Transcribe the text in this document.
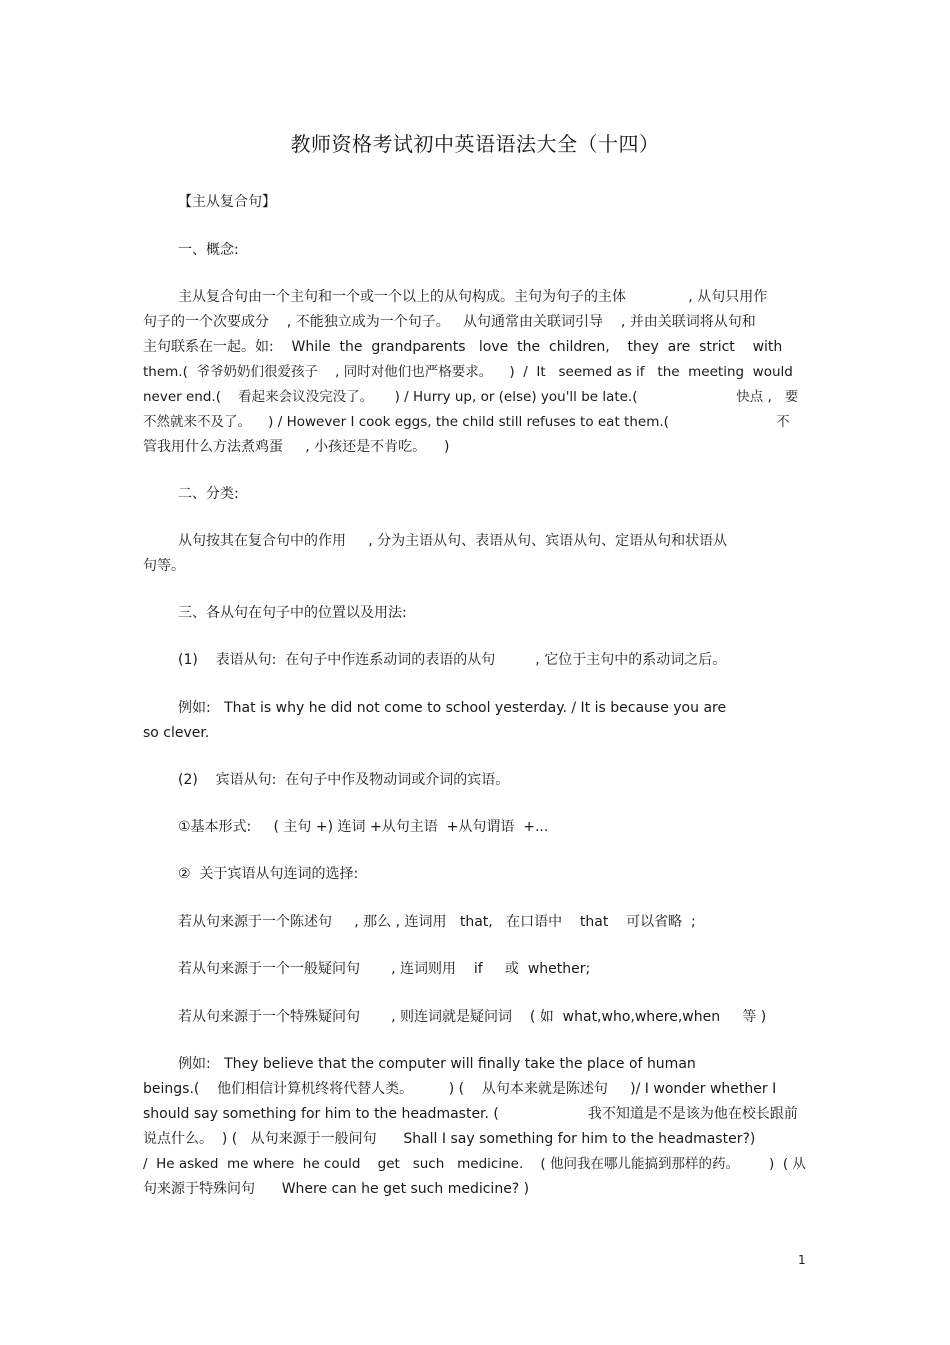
教师资格考试初中英语语法大全（十四）
【主从复合句】
一、概念:
主从复合句由一个主句和一个或一个以上的从句构成。主句为句子的主体              , 从句只用作
句子的一个次要成分    , 不能独立成为一个句子。   从句通常由关联词引导    , 并由关联词将从句和
主句联系在一起。如:    While  the  grandparents   love  the  children,    they  are  strict    with
them.(  爷爷奶奶们很爱孩子    , 同时对他们也严格要求。    )  /  It   seemed as if   the  meeting  would
never end.(    看起来会议没完没了。     ) / Hurry up, or (else) you'll be late.(                       快点 ,   要
不然就来不及了。    ) / However I cook eggs, the child still refuses to eat them.(                         不
管我用什么方法煮鸡蛋     , 小孩还是不肯吃。    )
二、分类:
从句按其在复合句中的作用     , 分为主语从句、表语从句、宾语从句、定语从句和状语从
句等。
三、各从句在句子中的位置以及用法:
(1)    表语从句:  在句子中作连系动词的表语的从句         , 它位于主句中的系动词之后。
例如:   That is why he did not come to school yesterday. / It is because you are
so clever.
(2)    宾语从句:  在句子中作及物动词或介词的宾语。
①基本形式:     ( 主句 +) 连词 +从句主语  +从句谓语  +...
②  关于宾语从句连词的选择:
若从句来源于一个陈述句     , 那么 , 连词用   that,   在口语中    that    可以省略  ;
若从句来源于一个一般疑问句       , 连词则用    if     或  whether;
若从句来源于一个特殊疑问句       , 则连词就是疑问词    ( 如  what,who,where,when     等 )
例如:   They believe that the computer will finally take the place of human
beings.(    他们相信计算机终将代替人类。        ) (    从句本来就是陈述句     )/ I wonder whether I
should say something for him to the headmaster. (                    我不知道是不是该为他在校长跟前
说点什么。  ) (   从句来源于一般问句      Shall I say something for him to the headmaster?)
/  He asked  me where  he could    get   such   medicine.    ( 他问我在哪儿能搞到那样的药。       )  ( 从
句来源于特殊问句      Where can he get such medicine? )
1
